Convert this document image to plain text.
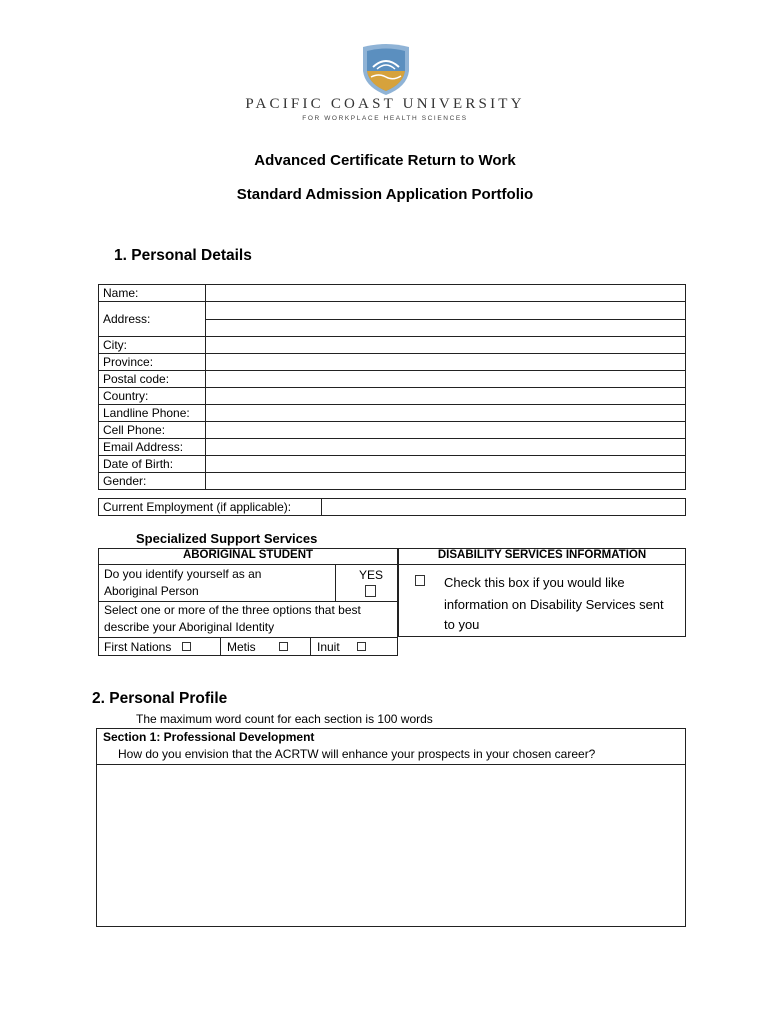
PACIFIC COAST UNIVERSITY
FOR WORKPLACE HEALTH SCIENCES
Advanced Certificate Return to Work
Standard Admission Application Portfolio
1. Personal Details
Name:	
Address:	

City:	
Province:	
Postal code:	
Country:	
Landline Phone:	
Cell Phone:	
Email Address:	
Date of Birth:	
Gender:	
Current Employment (if applicable):
Specialized Support Services
ABORIGINAL STUDENT
Do you identify yourself as an
Aboriginal Person
YES
Select one or more of the three options that best
describe your Aboriginal Identity
First Nations	Metis	Inuit
DISABILITY SERVICES INFORMATION
Check this box if you would like
information on Disability Services sent
to you
2. Personal Profile
The maximum word count for each section is 100 words
Section 1: Professional Development
How do you envision that the ACRTW will enhance your prospects in your chosen career?
